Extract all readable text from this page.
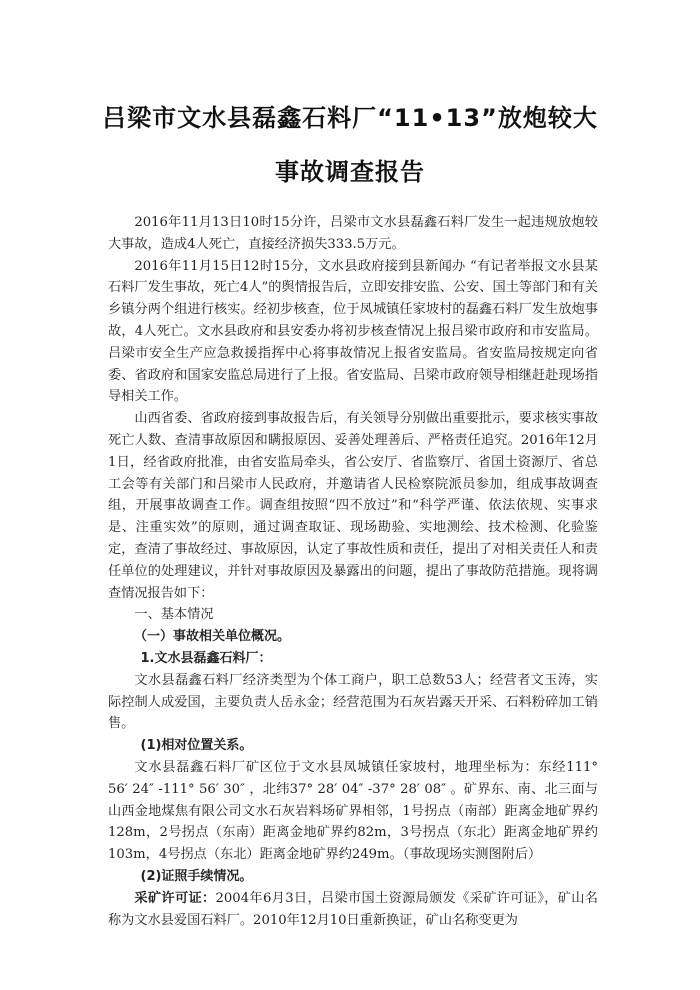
吕梁市文水县磊鑫石料厂“11•13”放炮较大
事故调查报告

2016年11月13日10时15分许，吕梁市文水县磊鑫石料厂发生一起违规放炮较大事故，造成4人死亡，直接经济损失333.5万元。

2016年11月15日12时15分，文水县政府接到县新闻办 “有记者举报文水县某石料厂发生事故，死亡4人”的舆情报告后，立即安排安监、公安、国土等部门和有关乡镇分两个组进行核实。经初步核查，位于凤城镇任家坡村的磊鑫石料厂发生放炮事故，4人死亡。文水县政府和县安委办将初步核查情况上报吕梁市政府和市安监局。吕梁市安全生产应急救援指挥中心将事故情况上报省安监局。省安监局按规定向省委、省政府和国家安监总局进行了上报。省安监局、吕梁市政府领导相继赶赴现场指导相关工作。

山西省委、省政府接到事故报告后，有关领导分别做出重要批示，要求核实事故死亡人数、查清事故原因和瞒报原因、妥善处理善后、严格责任追究。2016年12月1日，经省政府批准，由省安监局牵头，省公安厅、省监察厅、省国土资源厅、省总工会等有关部门和吕梁市人民政府，并邀请省人民检察院派员参加，组成事故调查组，开展事故调查工作。调查组按照“四不放过”和“科学严谨、依法依规、实事求是、注重实效”的原则，通过调查取证、现场勘验、实地测绘、技术检测、化验鉴定，查清了事故经过、事故原因，认定了事故性质和责任，提出了对相关责任人和责任单位的处理建议，并针对事故原因及暴露出的问题，提出了事故防范措施。现将调查情况报告如下：

一、基本情况

（一）事故相关单位概况。

1.文水县磊鑫石料厂：

文水县磊鑫石料厂经济类型为个体工商户，职工总数53人；经营者文玉涛，实际控制人成爱国，主要负责人岳永金；经营范围为石灰岩露天开采、石料粉碎加工销售。

(1)相对位置关系。

文水县磊鑫石料厂矿区位于文水县凤城镇任家坡村，地理坐标为：东经111° 56′ 24″ -111° 56′ 30″ ，北纬37° 28′ 04″ -37° 28′ 08″ 。矿界东、南、北三面与山西金地煤焦有限公司文水石灰岩料场矿界相邻，1号拐点（南部）距离金地矿界约128m，2号拐点（东南）距离金地矿界约82m，3号拐点（东北）距离金地矿界约103m，4号拐点（东北）距离金地矿界约249m。（事故现场实测图附后）

(2)证照手续情况。

采矿许可证：2004年6月3日，吕梁市国土资源局颁发《采矿许可证》，矿山名称为文水县爱国石料厂。2010年12月10日重新换证，矿山名称变更为
